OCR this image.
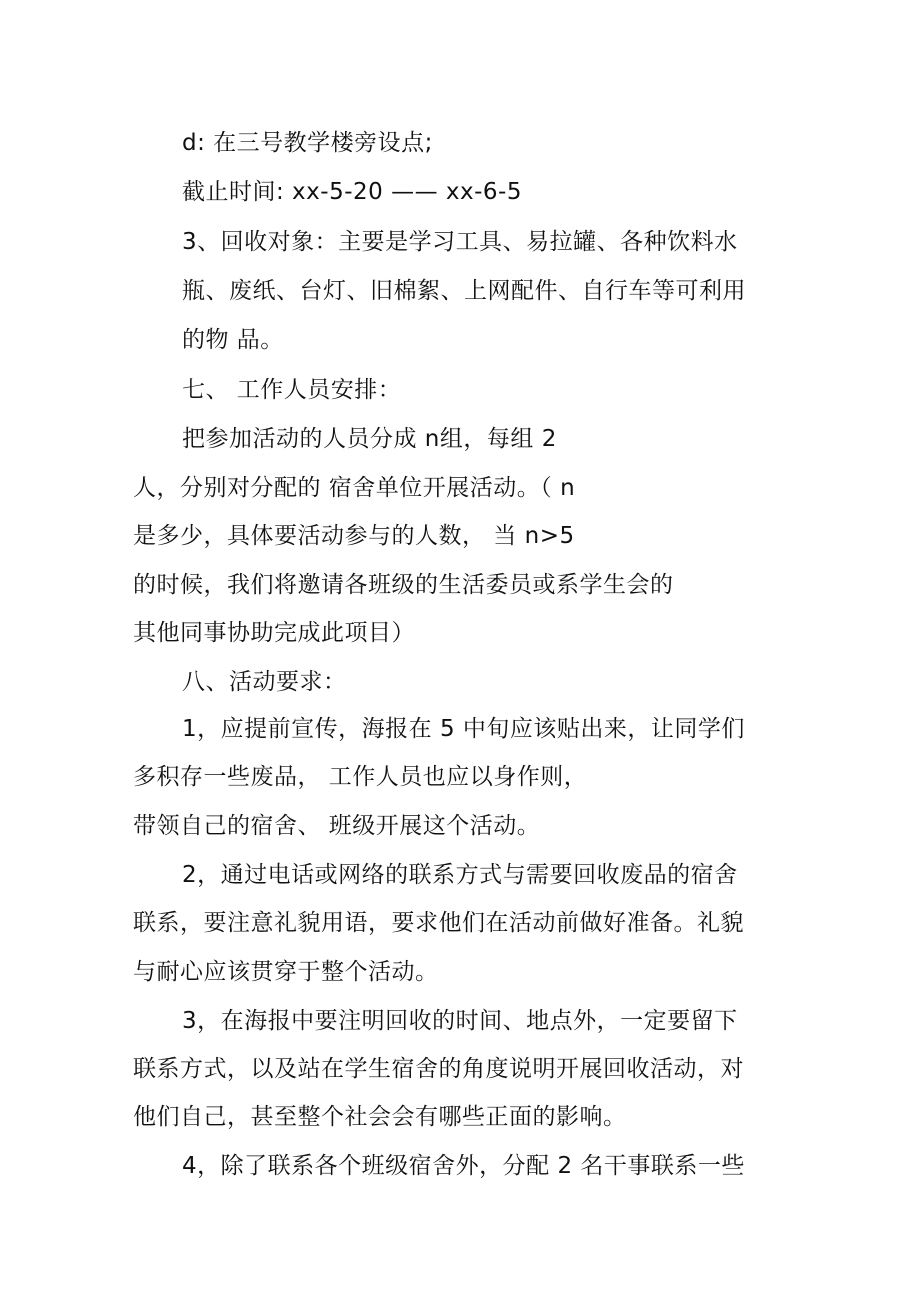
d: 在三号教学楼旁设点;
截止时间: xx-5-20 —— xx-6-5
3、回收对象：主要是学习工具、易拉罐、各种饮料水
瓶、废纸、台灯、旧棉絮、上网配件、自行车等可利用
的物 品。
七、 工作人员安排：
把参加活动的人员分成 n组，每组 2
人，分别对分配的 宿舍单位开展活动。（ n
是多少，具体要活动参与的人数， 当 n>5
的时候，我们将邀请各班级的生活委员或系学生会的
其他同事协助完成此项目）
八、活动要求：
1，应提前宣传，海报在 5 中旬应该贴出来，让同学们
多积存一些废品， 工作人员也应以身作则，
带领自己的宿舍、 班级开展这个活动。
2，通过电话或网络的联系方式与需要回收废品的宿舍
联系，要注意礼貌用语，要求他们在活动前做好准备。礼貌
与耐心应该贯穿于整个活动。
3，在海报中要注明回收的时间、地点外，一定要留下
联系方式，以及站在学生宿舍的角度说明开展回收活动，对
他们自己，甚至整个社会会有哪些正面的影响。
4，除了联系各个班级宿舍外，分配 2 名干事联系一些
